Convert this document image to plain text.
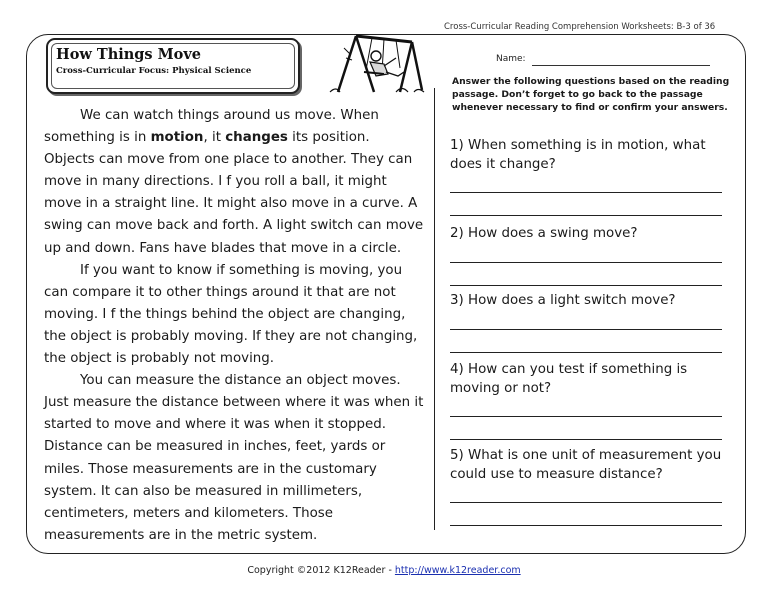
Cross-Curricular Reading Comprehension Worksheets: B-3 of 36
How Things Move
Cross-Curricular Focus: Physical Science

We can watch things around us move. When something is in motion, it changes its position. Objects can move from one place to another. They can move in many directions. I f you roll a ball, it might move in a straight line. It might also move in a curve. A swing can move back and forth. A light switch can move up and down. Fans have blades that move in a circle.

If you want to know if something is moving, you can compare it to other things around it that are not moving. I f the things behind the object are changing, the object is probably moving. If they are not changing, the object is probably not moving.

You can measure the distance an object moves. Just measure the distance between where it was when it started to move and where it was when it stopped. Distance can be measured in inches, feet, yards or miles. Those measurements are in the customary system. It can also be measured in millimeters, centimeters, meters and kilometers. Those measurements are in the metric system.

Name:
Answer the following questions based on the reading passage. Don’t forget to go back to the passage whenever necessary to find or confirm your answers.
1) When something is in motion, what does it change?
2) How does a swing move?
3) How does a light switch move?
4) How can you test if something is moving or not?
5) What is one unit of measurement you could use to measure distance?
Copyright ©2012 K12Reader - http://www.k12reader.com
